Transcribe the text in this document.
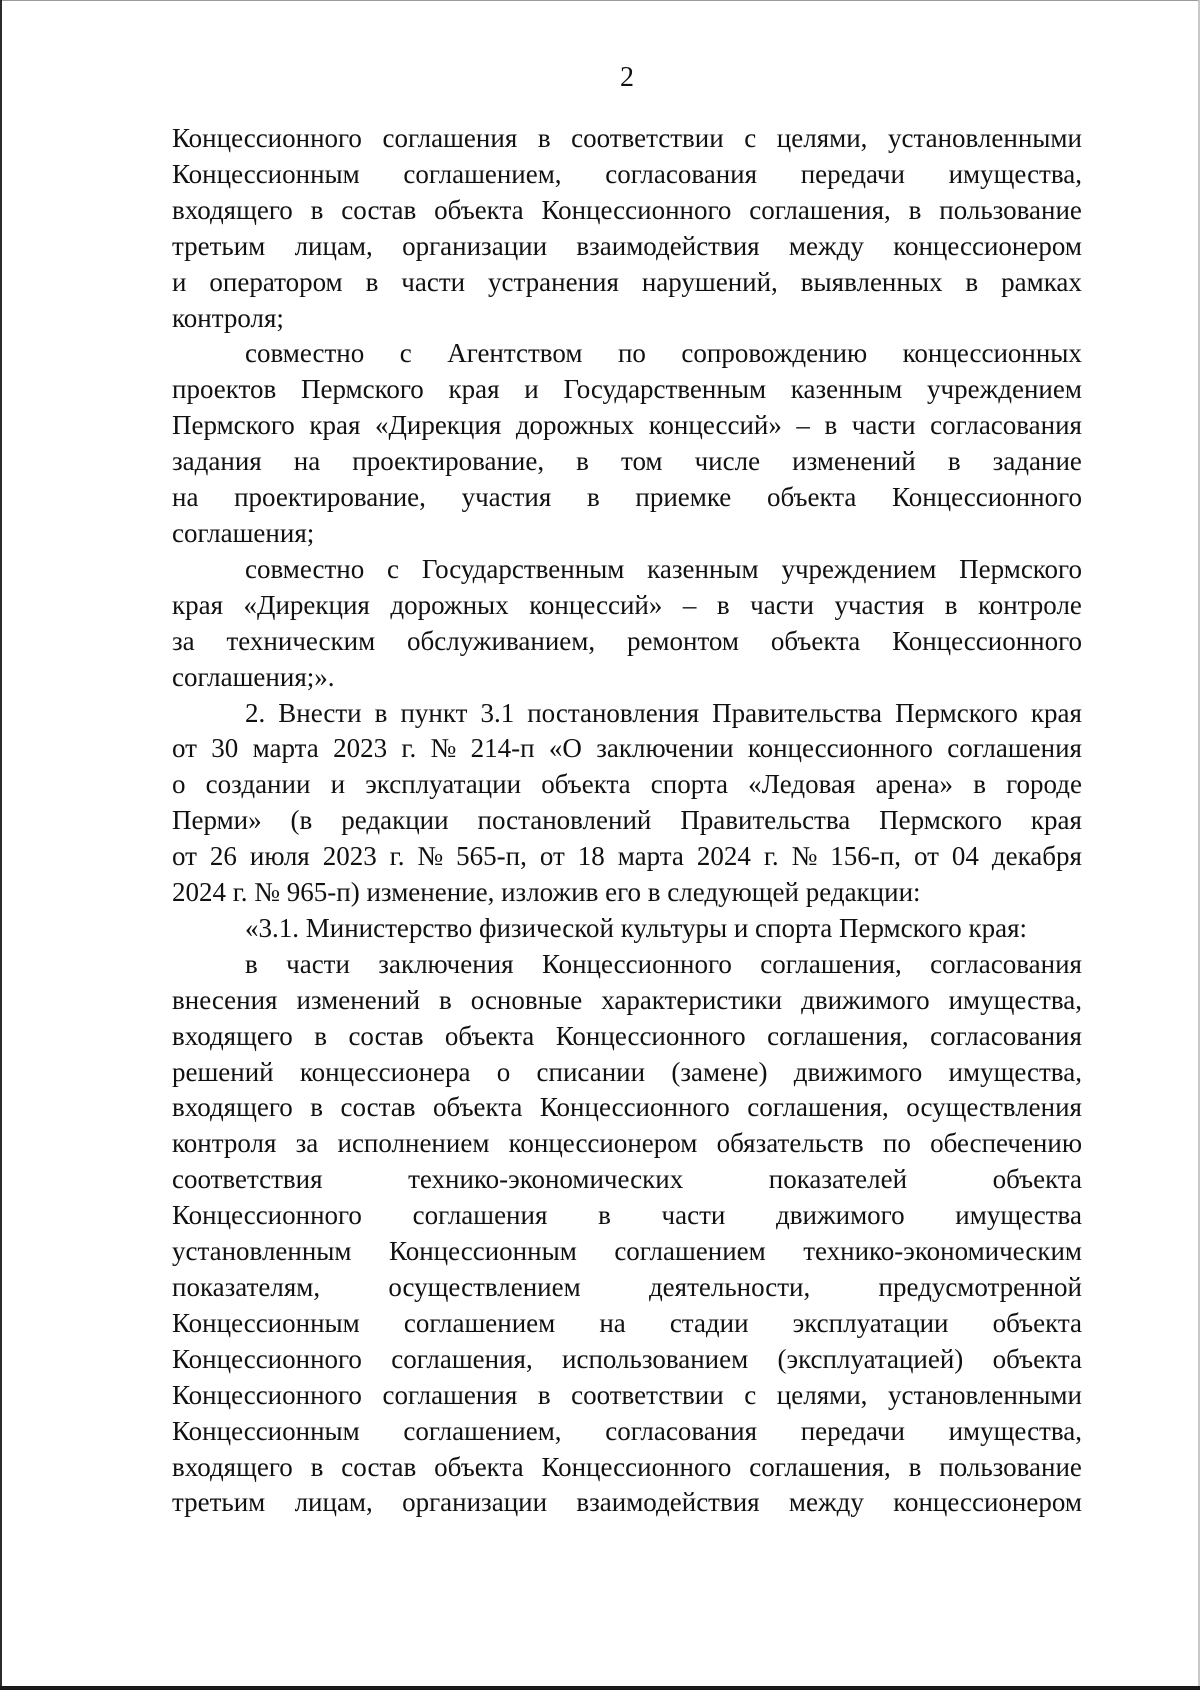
2
Концессионного соглашения в соответствии с целями, установленными
Концессионным соглашением, согласования передачи имущества,
входящего в состав объекта Концессионного соглашения, в пользование
третьим лицам, организации взаимодействия между концессионером
и оператором в части устранения нарушений, выявленных в рамках
контроля;
совместно с Агентством по сопровождению концессионных
проектов Пермского края и Государственным казенным учреждением
Пермского края «Дирекция дорожных концессий» – в части согласования
задания на проектирование, в том числе изменений в задание
на проектирование, участия в приемке объекта Концессионного
соглашения;
совместно с Государственным казенным учреждением Пермского
края «Дирекция дорожных концессий» – в части участия в контроле
за техническим обслуживанием, ремонтом объекта Концессионного
соглашения;».
2. Внести в пункт 3.1 постановления Правительства Пермского края
от 30 марта 2023 г. № 214-п «О заключении концессионного соглашения
о создании и эксплуатации объекта спорта «Ледовая арена» в городе
Перми» (в редакции постановлений Правительства Пермского края
от 26 июля 2023 г. № 565-п, от 18 марта 2024 г. № 156-п, от 04 декабря
2024 г. № 965-п) изменение, изложив его в следующей редакции:
«3.1. Министерство физической культуры и спорта Пермского края:
в части заключения Концессионного соглашения, согласования
внесения изменений в основные характеристики движимого имущества,
входящего в состав объекта Концессионного соглашения, согласования
решений концессионера о списании (замене) движимого имущества,
входящего в состав объекта Концессионного соглашения, осуществления
контроля за исполнением концессионером обязательств по обеспечению
соответствия	технико-экономических	показателей	объекта
Концессионного соглашения в части движимого имущества
установленным Концессионным соглашением технико-экономическим
показателям,	осуществлением	деятельности,	предусмотренной
Концессионным соглашением на стадии эксплуатации объекта
Концессионного соглашения, использованием (эксплуатацией) объекта
Концессионного соглашения в соответствии с целями, установленными
Концессионным соглашением, согласования передачи имущества,
входящего в состав объекта Концессионного соглашения, в пользование
третьим лицам, организации взаимодействия между концессионером
